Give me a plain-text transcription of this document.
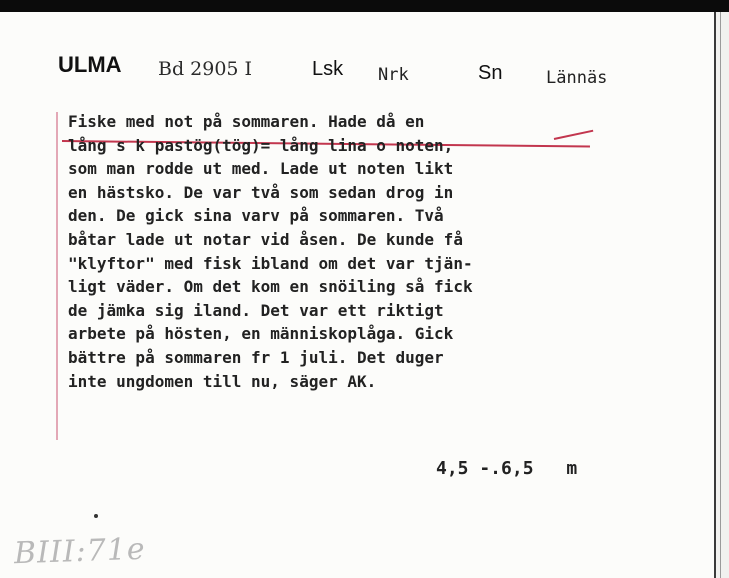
ULMA Bd 2905 I	Lsk Nrk	Sn	Lännäs
Fiske med not på sommaren. Hade då en
lång s k pastög(tög)= lång lina o noten,
som man rodde ut med. Lade ut noten likt
en hästsko. De var två som sedan drog in
den. De gick sina varv på sommaren. Två
båtar lade ut notar vid åsen. De kunde få
"klyftor" med fisk ibland om det var tjän-
ligt väder. Om det kom en snöiling så fick
de jämka sig iland. Det var ett riktigt
arbete på hösten, en människoplåga. Gick
bättre på sommaren fr 1 juli. Det duger
inte ungdomen till nu, säger AK.
4,5 -.6,5 m
BIII:71e
